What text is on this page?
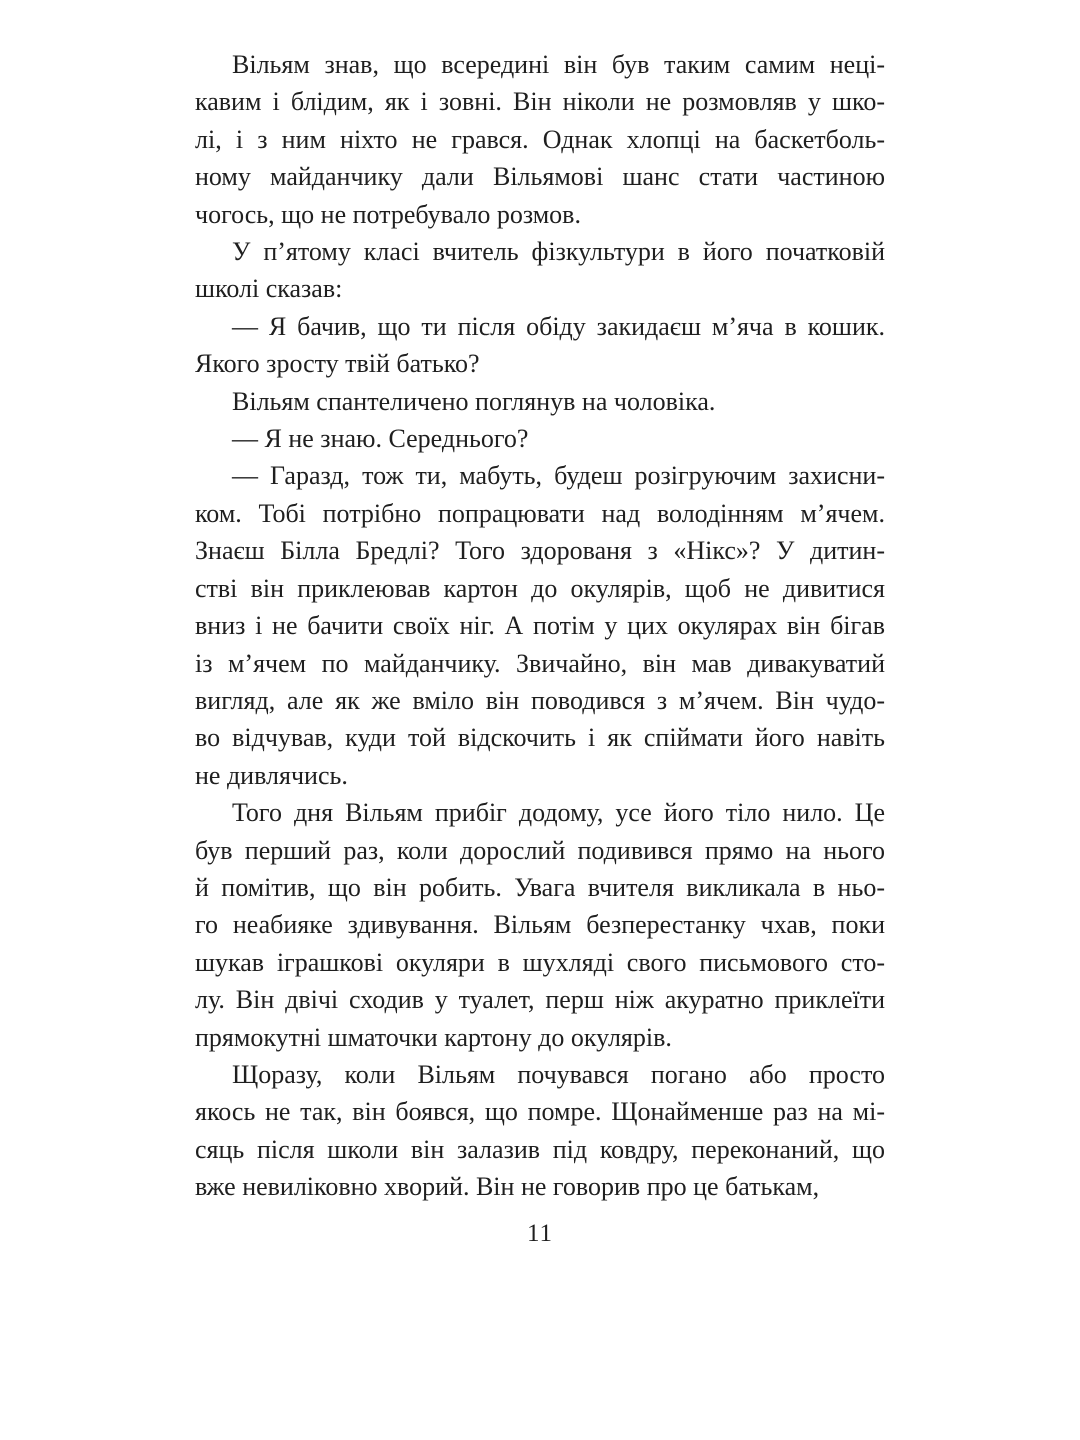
Вільям знав, що всередині він був таким самим неці-
кавим і блідим, як і зовні. Він ніколи не розмовляв у шко-
лі, і з ним ніхто не грався. Однак хлопці на баскетболь-
ному майданчику дали Вільямові шанс стати частиною
чогось, що не потребувало розмов.
У п’ятому класі вчитель фізкультури в його початковій
школі сказав:
— Я бачив, що ти після обіду закидаєш м’яча в кошик.
Якого зросту твій батько?
Вільям спантеличено поглянув на чоловіка.
— Я не знаю. Середнього?
— Гаразд, тож ти, мабуть, будеш розігруючим захисни-
ком. Тобі потрібно попрацювати над володінням м’ячем.
Знаєш Білла Бредлі? Того здорованя з «Нікс»? У дитин-
стві він приклеював картон до окулярів, щоб не дивитися
вниз і не бачити своїх ніг. А потім у цих окулярах він бігав
із м’ячем по майданчику. Звичайно, він мав дивакуватий
вигляд, але як же вміло він поводився з м’ячем. Він чудо-
во відчував, куди той відскочить і як спіймати його навіть
не дивлячись.
Того дня Вільям прибіг додому, усе його тіло нило. Це
був перший раз, коли дорослий подивився прямо на нього
й помітив, що він робить. Увага вчителя викликала в ньо-
го неабияке здивування. Вільям безперестанку чхав, поки
шукав іграшкові окуляри в шухляді свого письмового сто-
лу. Він двічі сходив у туалет, перш ніж акуратно приклеїти
прямокутні шматочки картону до окулярів.
Щоразу, коли Вільям почувався погано або просто
якось не так, він боявся, що помре. Щонайменше раз на мі-
сяць після школи він залазив під ковдру, переконаний, що
вже невиліковно хворий. Він не говорив про це батькам,
11
